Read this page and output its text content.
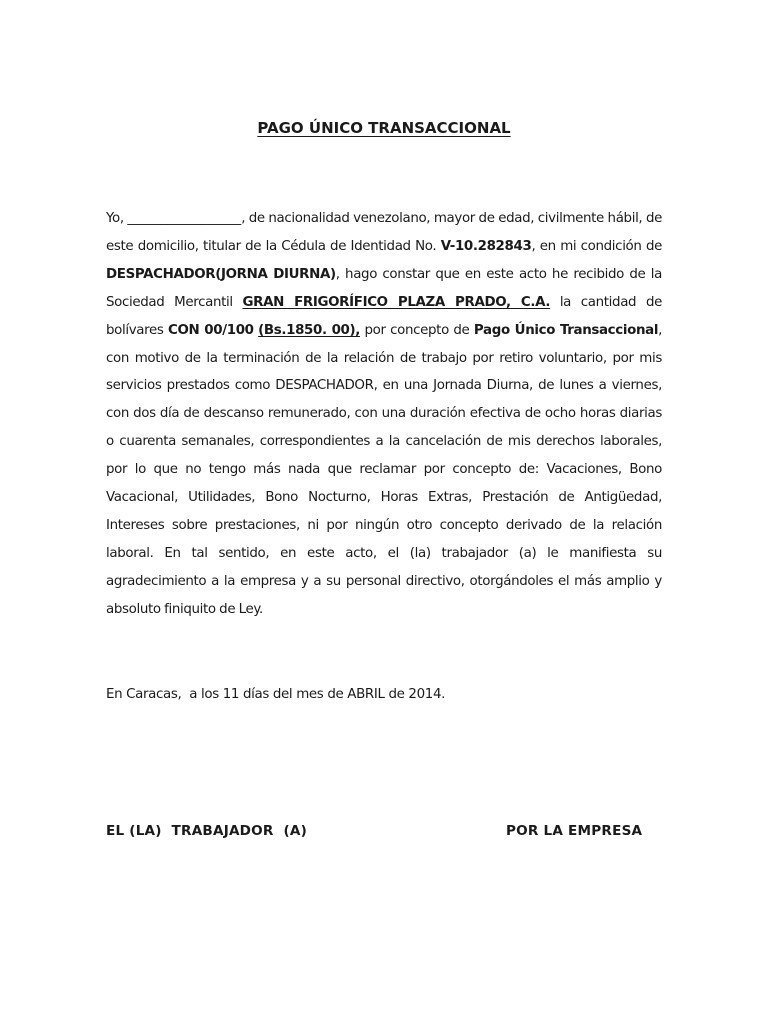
PAGO ÚNICO TRANSACCIONAL

Yo, _________________, de nacionalidad venezolano, mayor de edad, civilmente hábil, de este domicilio, titular de la Cédula de Identidad No. V-10.282843, en mi condición de DESPACHADOR(JORNA DIURNA), hago constar que en este acto he recibido de la Sociedad Mercantil GRAN FRIGORÍFICO PLAZA PRADO, C.A. la cantidad de bolívares CON 00/100 (Bs.1850. 00), por concepto de Pago Único Transaccional, con motivo de la terminación de la relación de trabajo por retiro voluntario, por mis servicios prestados como DESPACHADOR, en una Jornada Diurna, de lunes a viernes, con dos día de descanso remunerado, con una duración efectiva de ocho horas diarias o cuarenta semanales, correspondientes a la cancelación de mis derechos laborales, por lo que no tengo más nada que reclamar por concepto de: Vacaciones, Bono Vacacional, Utilidades, Bono Nocturno, Horas Extras, Prestación de Antigüedad, Intereses sobre prestaciones, ni por ningún otro concepto derivado de la relación laboral. En tal sentido, en este acto, el (la) trabajador (a) le manifiesta su agradecimiento a la empresa y a su personal directivo, otorgándoles el más amplio y absoluto finiquito de Ley.

En Caracas,  a los 11 días del mes de ABRIL de 2014.

EL (LA)  TRABAJADOR  (A)	POR LA EMPRESA
